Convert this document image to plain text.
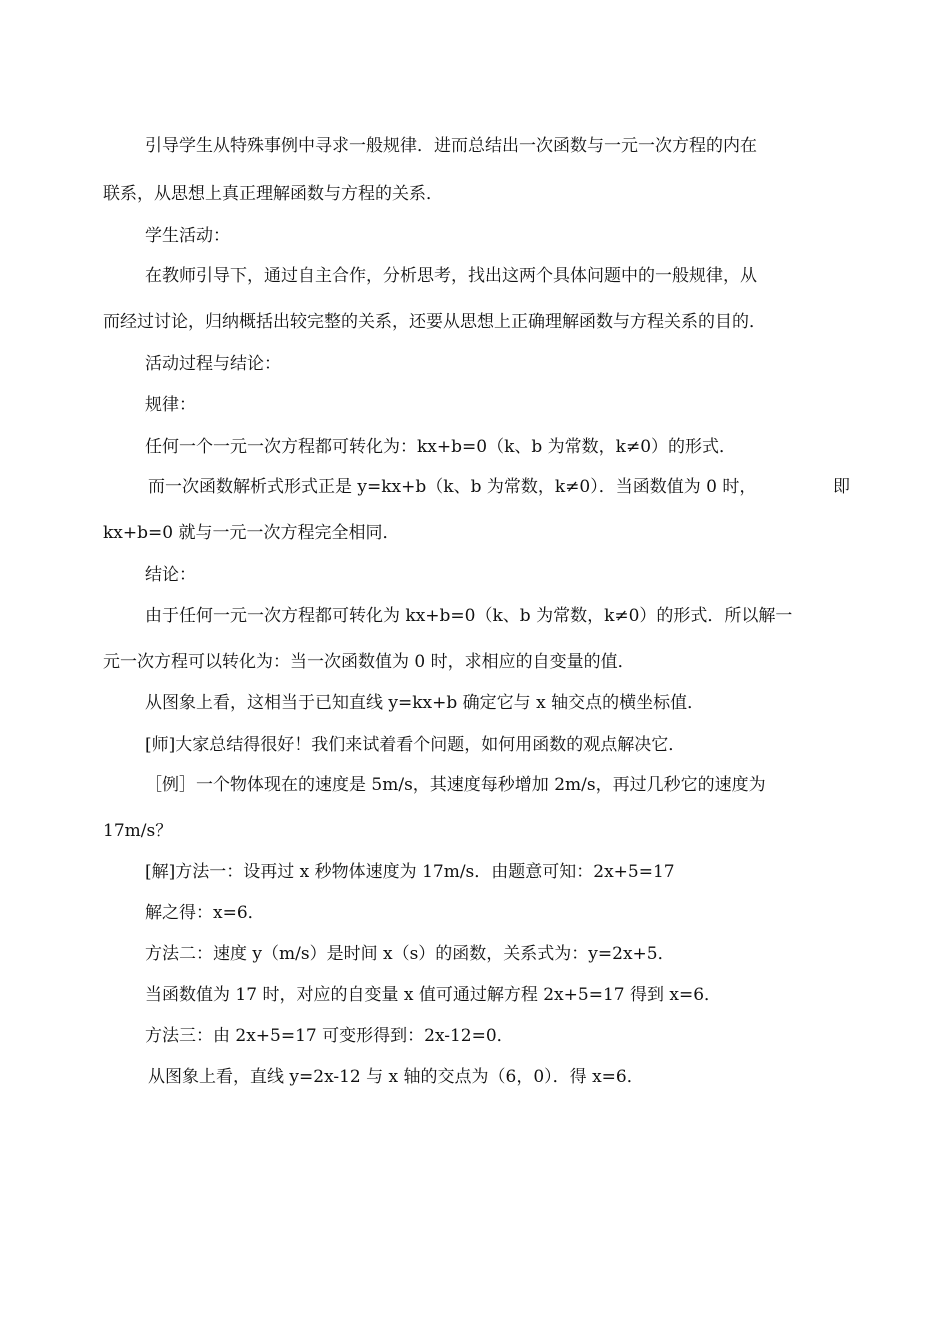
引导学生从特殊事例中寻求一般规律．进而总结出一次函数与一元一次方程的内在
联系，从思想上真正理解函数与方程的关系．
学生活动：
在教师引导下，通过自主合作，分析思考，找出这两个具体问题中的一般规律，从
而经过讨论，归纳概括出较完整的关系，还要从思想上正确理解函数与方程关系的目的．
活动过程与结论：
规律：
任何一个一元一次方程都可转化为：kx+b=0（k、b 为常数，k≠0）的形式．
而一次函数解析式形式正是 y=kx+b（k、b 为常数，k≠0）．当函数值为 0 时，	即
kx+b=0 就与一元一次方程完全相同．
结论：
由于任何一元一次方程都可转化为 kx+b=0（k、b 为常数，k≠0）的形式．所以解一
元一次方程可以转化为：当一次函数值为 0 时，求相应的自变量的值．
从图象上看，这相当于已知直线 y=kx+b 确定它与 x 轴交点的横坐标值．
[师]大家总结得很好！我们来试着看个问题，如何用函数的观点解决它．
［例］一个物体现在的速度是 5m/s，其速度每秒增加 2m/s，再过几秒它的速度为
17m/s？
[解]方法一：设再过 x 秒物体速度为 17m/s．由题意可知：2x+5=17
解之得：x=6．
方法二：速度 y（m/s）是时间 x（s）的函数，关系式为：y=2x+5．
当函数值为 17 时，对应的自变量 x 值可通过解方程 2x+5=17 得到 x=6．
方法三：由 2x+5=17 可变形得到：2x-12=0．
从图象上看，直线 y=2x-12 与 x 轴的交点为（6，0）．得 x=6．
